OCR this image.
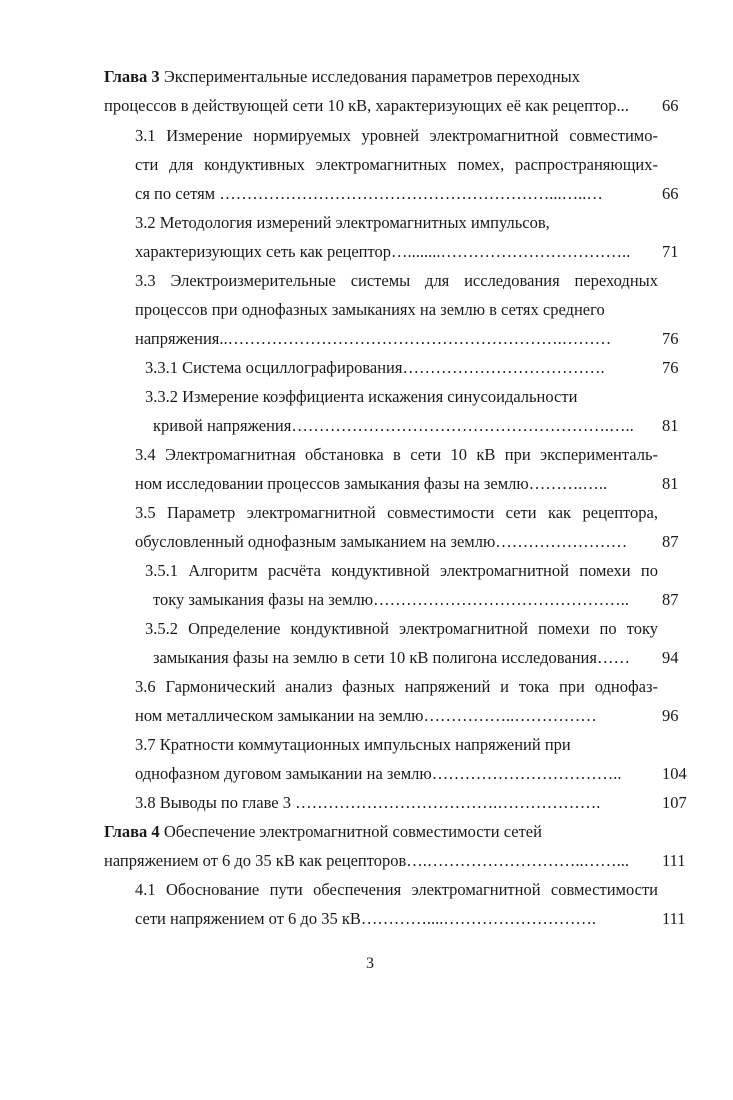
Глава 3 Экспериментальные исследования параметров переходных
процессов в действующей сети 10 кВ, характеризующих её как рецептор... 66
3.1 Измерение нормируемых уровней электромагнитной совместимо-
сти для кондуктивных электромагнитных помех, распространяющих-
ся по сетям ……………………………………………………...…..…	66
3.2 Методология измерений электромагнитных импульсов,
характеризующих сеть как рецептор…........…………………………….. 71
3.3 Электроизмерительные системы для исследования переходных
процессов при однофазных замыканиях на землю в сетях среднего
напряжения..…………………………………………………….………	76
3.3.1 Система осциллографирования……………………………….	76
3.3.2 Измерение коэффициента искажения синусоидальности
кривой напряжения………………………………………………….….. 81
3.4 Электромагнитная обстановка в сети 10 кВ при эксперименталь-
ном исследовании процессов замыкания фазы на землю……….…..	81
3.5 Параметр электромагнитной совместимости сети как рецептора,
обусловленный однофазным замыканием на землю…………………… 87
3.5.1 Алгоритм расчёта кондуктивной электромагнитной помехи по
току замыкания фазы на землю……………………………………….. 87
3.5.2 Определение кондуктивной электромагнитной помехи по току
замыкания фазы на землю в сети 10 кВ полигона исследования…… 94
3.6 Гармонический анализ фазных напряжений и тока при однофаз-
ном металлическом замыкании на землю……………..……………	96
3.7 Кратности коммутационных импульсных напряжений при
однофазном дуговом замыкании на землю…………………………….. 104
3.8 Выводы по главе 3 ……………………………….……………….	107
Глава 4 Обеспечение электромагнитной совместимости сетей
напряжением от 6 до 35 кВ как рецепторов….………………………..……... 111
4.1 Обоснование пути обеспечения электромагнитной совместимости
сети напряжением от 6 до 35 кВ…………....……………………….	111
3
